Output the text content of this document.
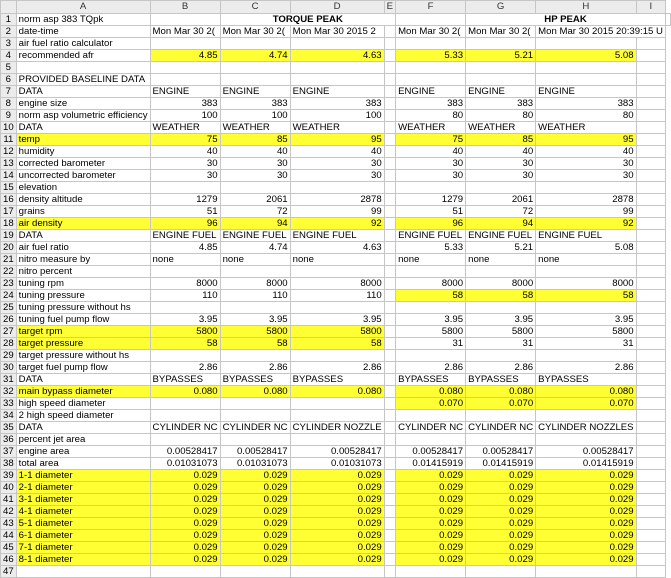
	A	B	C	D	E	F	G	H	I	
1	norm asp 383 TQpk		TORQUE PEAK				HP PEAK			
2	date-time	Mon Mar 30 2(	Mon Mar 30 2(	Mon Mar 30 2015 2		Mon Mar 30 2(	Mon Mar 30 2(	Mon Mar 30 2015 20:39:15 U		
3	air fuel ratio calculator									
4	recommended afr	4.85	4.74	4.63		5.33	5.21	5.08		
5										
6	PROVIDED BASELINE DATA									
7	DATA	ENGINE	ENGINE	ENGINE		ENGINE	ENGINE	ENGINE		
8	engine size	383	383	383		383	383	383		
9	norm asp volumetric efficiency	100	100	100		80	80	80		
10	DATA	WEATHER	WEATHER	WEATHER		WEATHER	WEATHER	WEATHER		
11	temp	75	85	95		75	85	95		
12	humidity	40	40	40		40	40	40		
13	corrected barometer	30	30	30		30	30	30		
14	uncorrected barometer	30	30	30		30	30	30		
15	elevation									
16	density altitude	1279	2061	2878		1279	2061	2878		
17	grains	51	72	99		51	72	99		
18	air density	96	94	92		96	94	92		
19	DATA	ENGINE FUEL	ENGINE FUEL	ENGINE FUEL		ENGINE FUEL	ENGINE FUEL	ENGINE FUEL		
20	air fuel ratio	4.85	4.74	4.63		5.33	5.21	5.08		
21	nitro measure by	none	none	none		none	none	none		
22	nitro percent									
23	tuning rpm	8000	8000	8000		8000	8000	8000		
24	tuning pressure	110	110	110		58	58	58		
25	tuning pressure without hs									
26	tuning fuel pump flow	3.95	3.95	3.95		3.95	3.95	3.95		
27	target rpm	5800	5800	5800		5800	5800	5800		
28	target pressure	58	58	58		31	31	31		
29	target pressure without hs									
30	target fuel pump flow	2.86	2.86	2.86		2.86	2.86	2.86		
31	DATA	BYPASSES	BYPASSES	BYPASSES		BYPASSES	BYPASSES	BYPASSES		
32	main bypass diameter	0.080	0.080	0.080		0.080	0.080	0.080		
33	high speed diameter					0.070	0.070	0.070		
34	2 high speed diameter									
35	DATA	CYLINDER NC	CYLINDER NC	CYLINDER NOZZLE		CYLINDER NC	CYLINDER NC	CYLINDER NOZZLES		
36	percent jet area									
37	engine area	0.00528417	0.00528417	0.00528417		0.00528417	0.00528417	0.00528417		
38	total area	0.01031073	0.01031073	0.01031073		0.01415919	0.01415919	0.01415919		
39	1-1 diameter	0.029	0.029	0.029		0.029	0.029	0.029		
40	2-1 diameter	0.029	0.029	0.029		0.029	0.029	0.029		
41	3-1 diameter	0.029	0.029	0.029		0.029	0.029	0.029		
42	4-1 diameter	0.029	0.029	0.029		0.029	0.029	0.029		
43	5-1 diameter	0.029	0.029	0.029		0.029	0.029	0.029		
44	6-1 diameter	0.029	0.029	0.029		0.029	0.029	0.029		
45	7-1 diameter	0.029	0.029	0.029		0.029	0.029	0.029		
46	8-1 diameter	0.029	0.029	0.029		0.029	0.029	0.029		
47										
